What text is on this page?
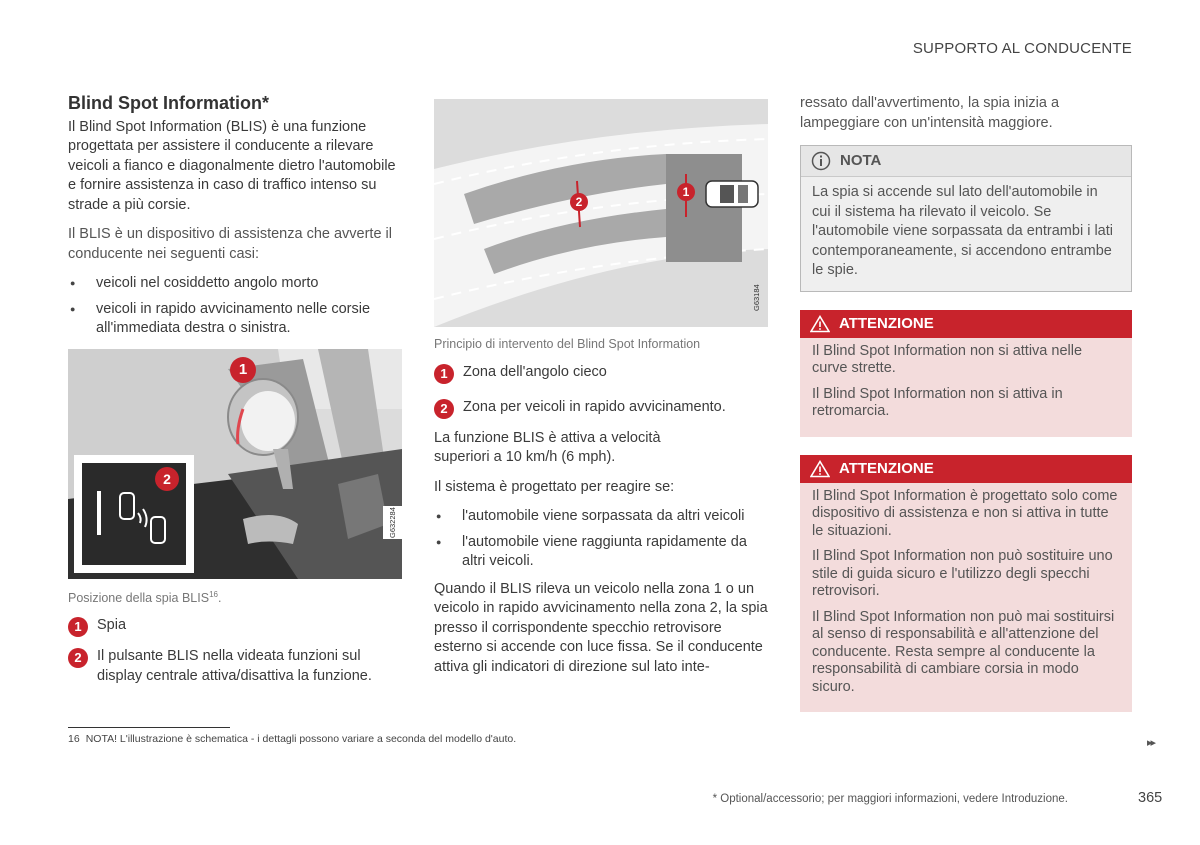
SUPPORTO AL CONDUCENTE
Blind Spot Information*

Il Blind Spot Information (BLIS) è una funzione progettata per assistere il conducente a rilevare veicoli a fianco e diagonalmente dietro l'automobile e fornire assistenza in caso di traffico intenso su strade a più corsie.

Il BLIS è un dispositivo di assistenza che avverte il conducente nei seguenti casi:

● veicoli nel cosiddetto angolo morto
● veicoli in rapido avvicinamento nelle corsie all'immediata destra o sinistra.
1
2
G632284
Posizione della spia BLIS$^{16}$.
1	Spia
2	Il pulsante BLIS nella videata funzioni sul display centrale attiva/disattiva la funzione.
2
1
G63184
Principio di intervento del Blind Spot Information
1	Zona dell'angolo cieco
2	Zona per veicoli in rapido avvicinamento.

La funzione BLIS è attiva a velocità superiori a 10 km/h (6 mph).

Il sistema è progettato per reagire se:

● l'automobile viene sorpassata da altri veicoli
● l'automobile viene raggiunta rapidamente da altri veicoli.

Quando il BLIS rileva un veicolo nella zona 1 o un veicolo in rapido avvicinamento nella zona 2, la spia presso il corrispondente specchio retrovisore esterno si accende con luce fissa. Se il conducente attiva gli indicatori di direzione sul lato inte-

ressato dall'avvertimento, la spia inizia a lampeggiare con un'intensità maggiore.

NOTA
La spia si accende sul lato dell'automobile in cui il sistema ha rilevato il veicolo. Se l'automobile viene sorpassata da entrambi i lati contemporaneamente, si accendono entrambe le spie.
ATTENZIONE

Il Blind Spot Information non si attiva nelle curve strette.

Il Blind Spot Information non si attiva in retromarcia.

ATTENZIONE

Il Blind Spot Information è progettato solo come dispositivo di assistenza e non si attiva in tutte le situazioni.

Il Blind Spot Information non può sostituire uno stile di guida sicuro e l'utilizzo degli specchi retrovisori.

Il Blind Spot Information non può mai sostituirsi al senso di responsabilità e all'attenzione del conducente. Resta sempre al conducente la responsabilità di cambiare corsia in modo sicuro.

16 NOTA! L'illustrazione è schematica - i dettagli possono variare a seconda del modello d'auto.	▸▸
* Optional/accessorio; per maggiori informazioni, vedere Introduzione.	365
